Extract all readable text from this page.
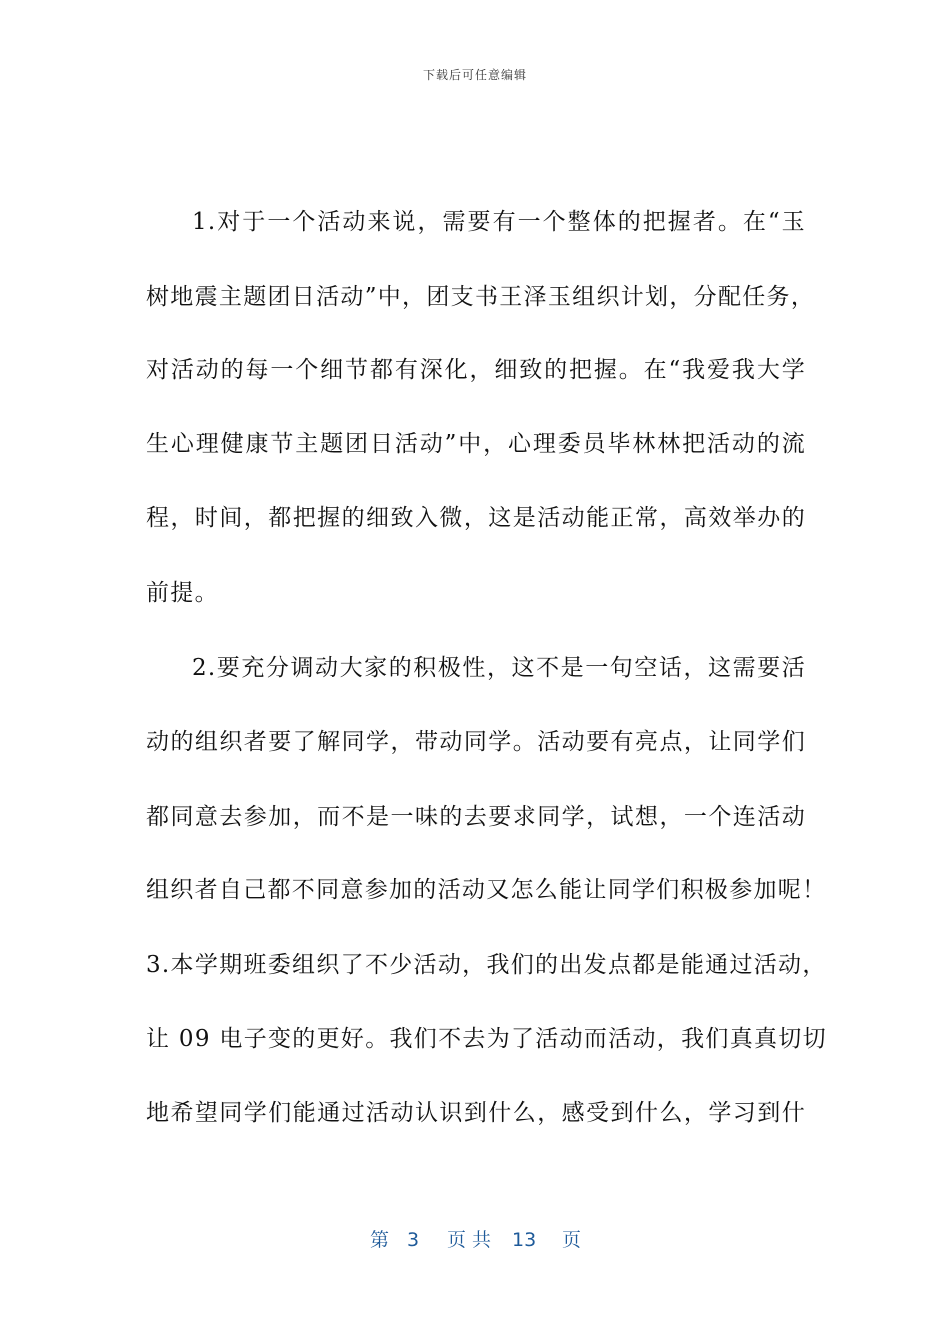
下载后可任意编辑
1.对于一个活动来说，需要有一个整体的把握者。在“玉
树地震主题团日活动”中，团支书王泽玉组织计划，分配任务，
对活动的每一个细节都有深化，细致的把握。在“我爱我大学
生心理健康节主题团日活动”中，心理委员毕林林把活动的流
程，时间，都把握的细致入微，这是活动能正常，高效举办的
前提。
2.要充分调动大家的积极性，这不是一句空话，这需要活
动的组织者要了解同学，带动同学。活动要有亮点，让同学们
都同意去参加，而不是一味的去要求同学，试想，一个连活动
组织者自己都不同意参加的活动又怎么能让同学们积极参加呢！
3.本学期班委组织了不少活动，我们的出发点都是能通过活动，
让 09 电子变的更好。我们不去为了活动而活动，我们真真切切
地希望同学们能通过活动认识到什么，感受到什么，学习到什
第 3 页 共 13 页
